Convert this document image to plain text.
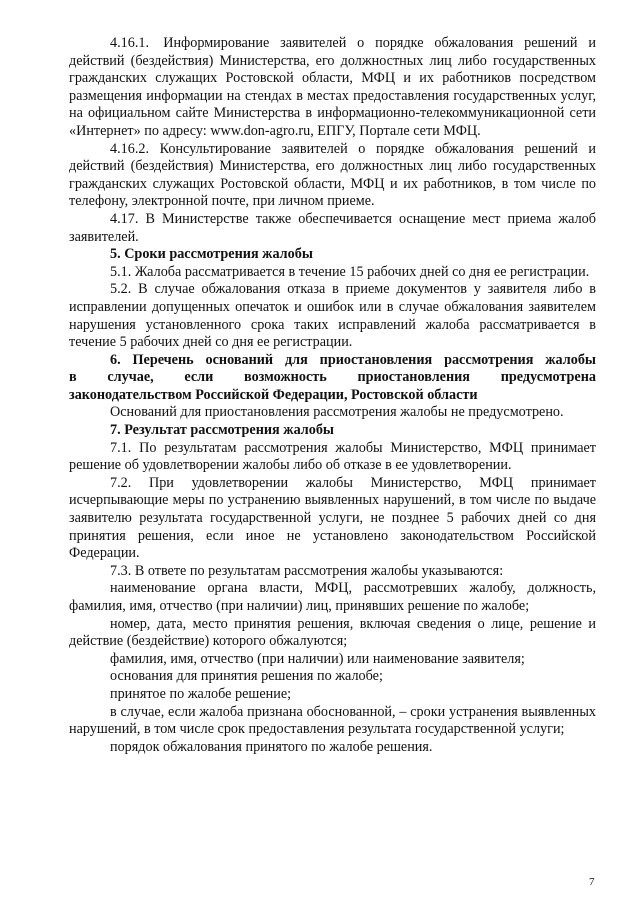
4.16.1. Информирование заявителей о порядке обжалования решений и действий (бездействия) Министерства, его должностных лиц либо государственных гражданских служащих Ростовской области, МФЦ и их работников посредством размещения информации на стендах в местах предоставления государственных услуг, на официальном сайте Министерства в информационно-телекоммуникационной сети «Интернет» по адресу: www.don-agro.ru, ЕПГУ, Портале сети МФЦ.

4.16.2. Консультирование заявителей о порядке обжалования решений и действий (бездействия) Министерства, его должностных лиц либо государственных гражданских служащих Ростовской области, МФЦ и их работников, в том числе по телефону, электронной почте, при личном приеме.

4.17. В Министерстве также обеспечивается оснащение мест приема жалоб заявителей.

5. Сроки рассмотрения жалобы

5.1. Жалоба рассматривается в течение 15 рабочих дней со дня ее регистрации.

5.2. В случае обжалования отказа в приеме документов у заявителя либо в исправлении допущенных опечаток и ошибок или в случае обжалования заявителем нарушения установленного срока таких исправлений жалоба рассматривается в течение 5 рабочих дней со дня ее регистрации.

6. Перечень оснований для приостановления рассмотрения жалобы

в случае, если возможность приостановления предусмотрена

законодательством Российской Федерации, Ростовской области

Оснований для приостановления рассмотрения жалобы не предусмотрено.

7. Результат рассмотрения жалобы

7.1. По результатам рассмотрения жалобы Министерство, МФЦ принимает решение об удовлетворении жалобы либо об отказе в ее удовлетворении.

7.2. При удовлетворении жалобы Министерство, МФЦ принимает исчерпывающие меры по устранению выявленных нарушений, в том числе по выдаче заявителю результата государственной услуги, не позднее 5 рабочих дней со дня принятия решения, если иное не установлено законодательством Российской Федерации.

7.3. В ответе по результатам рассмотрения жалобы указываются:

наименование органа власти, МФЦ, рассмотревших жалобу, должность, фамилия, имя, отчество (при наличии) лиц, принявших решение по жалобе;

номер, дата, место принятия решения, включая сведения о лице, решение и действие (бездействие) которого обжалуются;

фамилия, имя, отчество (при наличии) или наименование заявителя;

основания для принятия решения по жалобе;

принятое по жалобе решение;

в случае, если жалоба признана обоснованной, – сроки устранения выявленных нарушений, в том числе срок предоставления результата государственной услуги;

порядок обжалования принятого по жалобе решения.

7
